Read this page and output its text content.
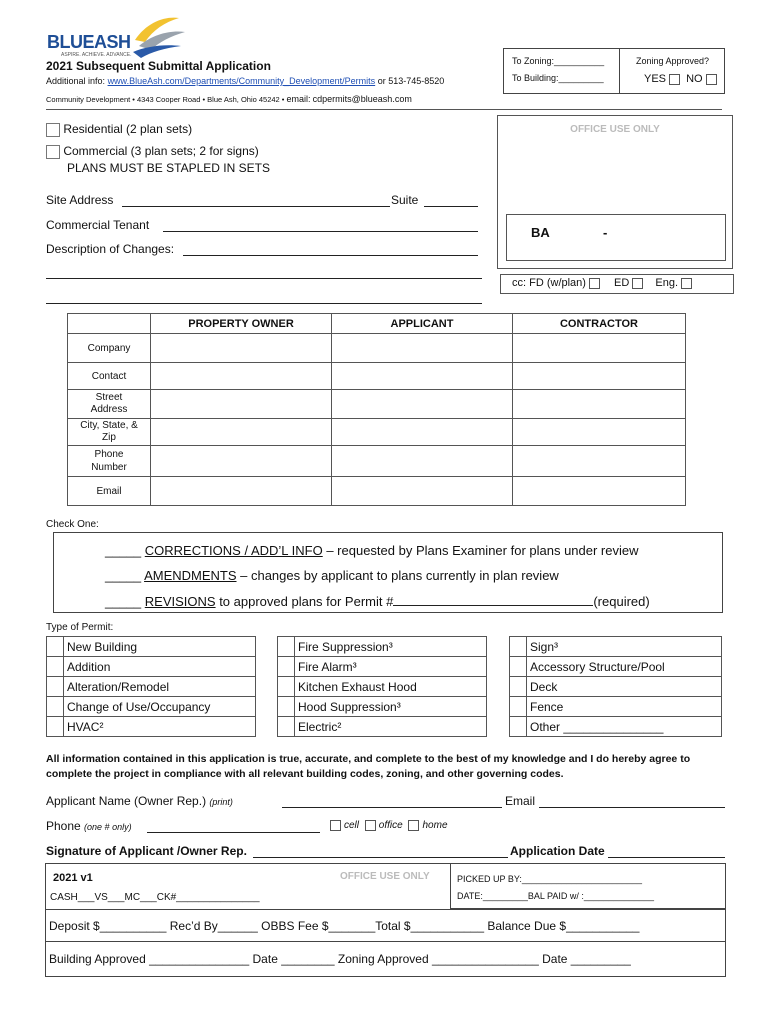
BLUEASH
ASPIRE. ACHIEVE. ADVANCE.
2021 Subsequent Submittal Application
Additional info: www.BlueAsh.com/Departments/Community_Development/Permits or 513-745-8520
Community Development • 4343 Cooper Road • Blue Ash, Ohio 45242 • email: cdpermits@blueash.com
To Zoning:__________
To Building:_________
Zoning Approved?
YES NO
Residential (2 plan sets)
Commercial (3 plan sets; 2 for signs)
PLANS MUST BE STAPLED IN SETS
Site Address	Suite
Commercial Tenant
Description of Changes:
OFFICE USE ONLY
BA	-
cc: FD (w/plan)	ED Eng.
	PROPERTY OWNER	APPLICANT	CONTRACTOR
Company			
Contact			
Street Address			
City, State, & Zip			
Phone Number			
Email			
Check One:
_____ CORRECTIONS / ADD’L INFO – requested by Plans Examiner for plans under review
_____ AMENDMENTS – changes by applicant to plans currently in plan review
_____ REVISIONS to approved plans for Permit #	(required)
Type of Permit:
	New Building
	Addition
	Alteration/Remodel
	Change of Use/Occupancy
	HVAC²
	Fire Suppression³
	Fire Alarm³
	Kitchen Exhaust Hood
	Hood Suppression³
	Electric²
	Sign³
	Accessory Structure/Pool
	Deck
	Fence
	Other _______________
All information contained in this application is true, accurate, and complete to the best of my knowledge and I do hereby agree to complete the project in compliance with all relevant building codes, zoning, and other governing codes.
Applicant Name (Owner Rep.) (print)	Email
Phone (one # only)	cell office home
Signature of Applicant /Owner Rep.	Application Date
2021 v1	OFFICE USE ONLY
CASH___VS___MC___CK#_______________
PICKED UP BY:________________________
DATE:_________BAL PAID w/ :______________
Deposit $__________ Rec’d By______ OBBS Fee $_______Total $___________ Balance Due $___________
Building Approved _______________ Date ________ Zoning Approved ________________ Date _________
